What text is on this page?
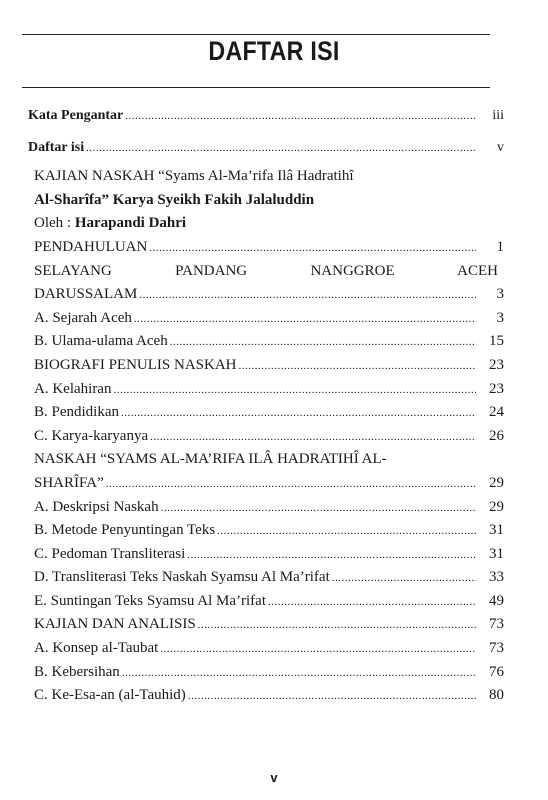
DAFTAR ISI
Kata Pengantar .....	iii
Daftar isi .....	v
KAJIAN NASKAH “Syams Al-Ma’rifa Ilâ Hadratihî
Al-Sharîfa” Karya Syeikh Fakih Jalaluddin
Oleh : Harapandi Dahri
PENDAHULUAN .....	1
SELAYANG PANDANG NANGGROE ACEH
DARUSSALAM .....	3
A. Sejarah Aceh .....	3
B. Ulama-ulama Aceh .....	15
BIOGRAFI PENULIS NASKAH .....	23
A. Kelahiran .....	23
B. Pendidikan .....	24
C. Karya-karyanya .....	26
NASKAH “SYAMS AL-MA’RIFA ILÂ HADRATIHÎ AL-
SHARÎFA” .....	29
A. Deskripsi Naskah .....	29
B. Metode Penyuntingan Teks .....	31
C. Pedoman Transliterasi .....	31
D. Transliterasi Teks Naskah Syamsu Al Ma’rifat .....	33
E. Suntingan Teks Syamsu Al Ma’rifat .....	49
KAJIAN DAN ANALISIS .....	73
A. Konsep al-Taubat .....	73
B. Kebersihan .....	76
C. Ke-Esa-an (al-Tauhid) .....	80
v
